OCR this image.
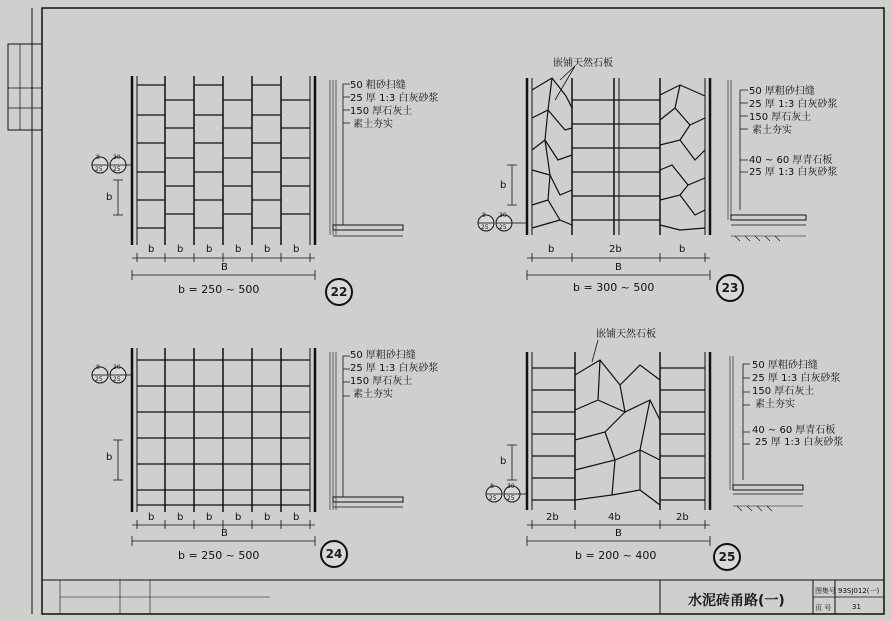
50 粗砂扫缝
25 厚 1:3 白灰砂浆
150 厚石灰土
素土夯实
b b b b b b
B
b
b = 250 ~ 500	22
8
25
30
25
嵌铺天然石板
50 厚粗砂扫缝
25 厚 1:3 白灰砂浆
150 厚石灰土
素土夯实
40 ~ 60 厚青石板
25 厚 1:3 白灰砂浆
b	2b	b
B
b
b = 300 ~ 500	23
8
25
30
25
50 厚粗砂扫缝
25 厚 1:3 白灰砂浆
150 厚石灰土
素土夯实
b b b b b b
B
b
b = 250 ~ 500	24
8
25
30
25
嵌铺天然石板
50 厚粗砂扫缝
25 厚 1:3 白灰砂浆
150 厚石灰土
素土夯实
40 ~ 60 厚青石板
25 厚 1:3 白灰砂浆
2b	4b	2b
B
b
b = 200 ~ 400	25
8
25
30
25
水泥砖甬路(一)
图集号 93SJ012(一)
页 号	31
